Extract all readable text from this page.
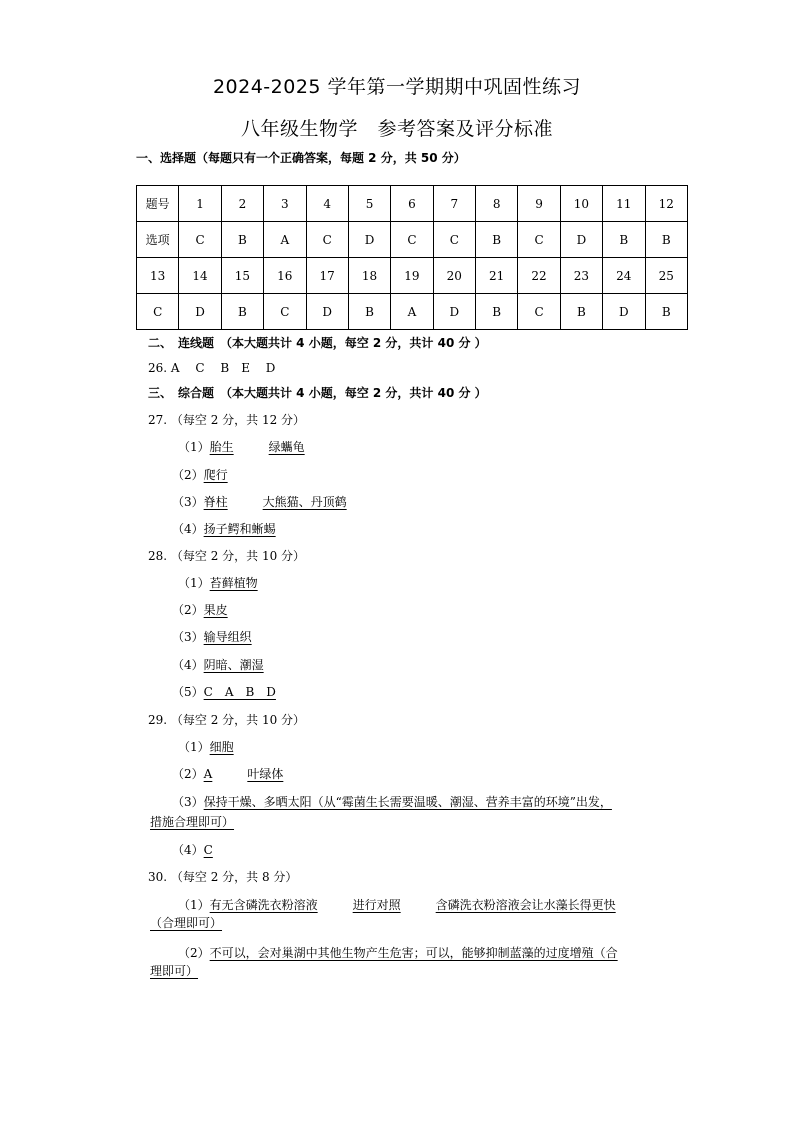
2024-2025 学年第一学期期中巩固性练习
八年级生物学　参考答案及评分标准
一、选择题（每题只有一个正确答案，每题 2 分，共 50 分）
题号	1	2	3	4	5	6	7	8	9	10	11	12
选项	C	B	A	C	D	C	C	B	C	D	B	B
13	14	15	16	17	18	19	20	21	22	23	24	25
C	D	B	C	D	B	A	D	B	C	B	D	B
二、　连线题　（本大题共计 4 小题，每空 2 分，共计 40 分 ）
26. A　 C　 B　E　 D
三、　综合题　（本大题共计 4 小题，每空 2 分，共计 40 分 ）
27. （每空 2 分，共 12 分）
（1）胎生	绿蠵龟
（2）爬行
（3）脊柱	大熊猫、丹顶鹤
（4）扬子鳄和蜥蜴
28. （每空 2 分，共 10 分）
（1）苔藓植物
（2）果皮
（3）输导组织
（4）阴暗、潮湿
（5）C　A　B　D
29. （每空 2 分，共 10 分）
（1）细胞
（2）A	叶绿体
（3）保持干燥、多晒太阳（从“霉菌生长需要温暖、潮湿、营养丰富的环境”出发，
措施合理即可）
（4）C
30. （每空 2 分，共 8 分）
（1）有无含磷洗衣粉溶液	进行对照	含磷洗衣粉溶液会让水藻长得更快
（合理即可）
（2）不可以，会对巢湖中其他生物产生危害；可以，能够抑制蓝藻的过度增殖（合
理即可）
